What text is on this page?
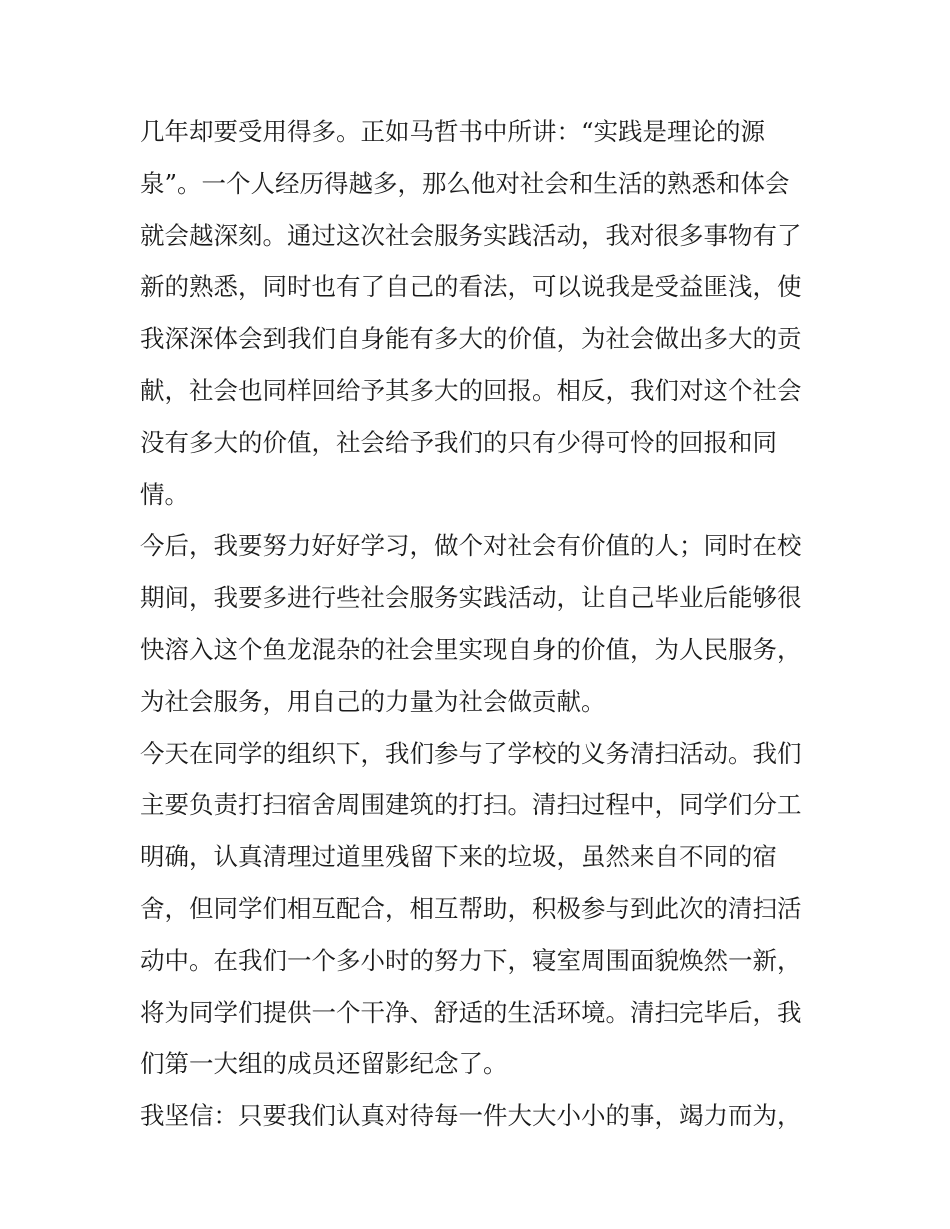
几年却要受用得多。正如马哲书中所讲：“实践是理论的源
泉”。一个人经历得越多，那么他对社会和生活的熟悉和体会
就会越深刻。通过这次社会服务实践活动，我对很多事物有了
新的熟悉，同时也有了自己的看法，可以说我是受益匪浅，使
我深深体会到我们自身能有多大的价值，为社会做出多大的贡
献，社会也同样回给予其多大的回报。相反，我们对这个社会
没有多大的价值，社会给予我们的只有少得可怜的回报和同
情。
今后，我要努力好好学习，做个对社会有价值的人；同时在校
期间，我要多进行些社会服务实践活动，让自己毕业后能够很
快溶入这个鱼龙混杂的社会里实现自身的价值，为人民服务，
为社会服务，用自己的力量为社会做贡献。
今天在同学的组织下，我们参与了学校的义务清扫活动。我们
主要负责打扫宿舍周围建筑的打扫。清扫过程中，同学们分工
明确，认真清理过道里残留下来的垃圾，虽然来自不同的宿
舍，但同学们相互配合，相互帮助，积极参与到此次的清扫活
动中。在我们一个多小时的努力下，寝室周围面貌焕然一新，
将为同学们提供一个干净、舒适的生活环境。清扫完毕后，我
们第一大组的成员还留影纪念了。
我坚信：只要我们认真对待每一件大大小小的事，竭力而为，
